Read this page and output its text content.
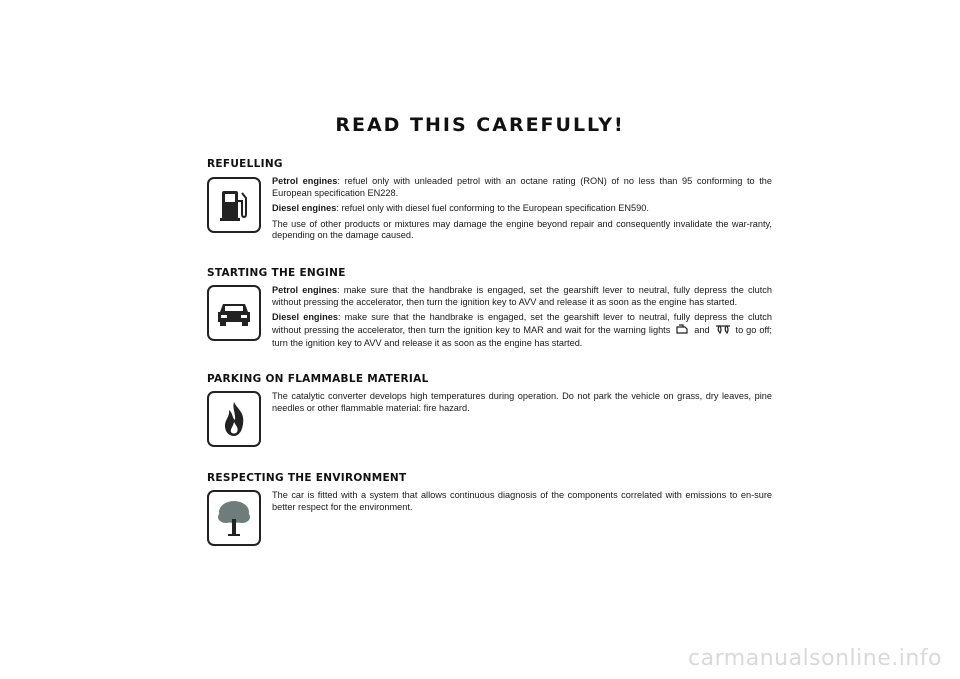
READ THIS CAREFULLY!
REFUELLING

Petrol engines: refuel only with unleaded petrol with an octane rating (RON) of no less than 95 conforming to the European specification EN228.

Diesel engines: refuel only with diesel fuel conforming to the European specification EN590.

The use of other products or mixtures may damage the engine beyond repair and consequently invalidate the war-ranty, depending on the damage caused.

STARTING THE ENGINE

Petrol engines: make sure that the handbrake is engaged, set the gearshift lever to neutral, fully depress the clutch without pressing the accelerator, then turn the ignition key to AVV and release it as soon as the engine has started.

Diesel engines: make sure that the handbrake is engaged, set the gearshift lever to neutral, fully depress the clutch without pressing the accelerator, then turn the ignition key to MAR and wait for the warning lights	and	to go off; turn the ignition key to AVV and release it as soon as the engine has started.

PARKING ON FLAMMABLE MATERIAL

The catalytic converter develops high temperatures during operation. Do not park the vehicle on grass, dry leaves, pine needles or other flammable material: fire hazard.

RESPECTING THE ENVIRONMENT

The car is fitted with a system that allows continuous diagnosis of the components correlated with emissions to en-sure better respect for the environment.

carmanualsonline.info
